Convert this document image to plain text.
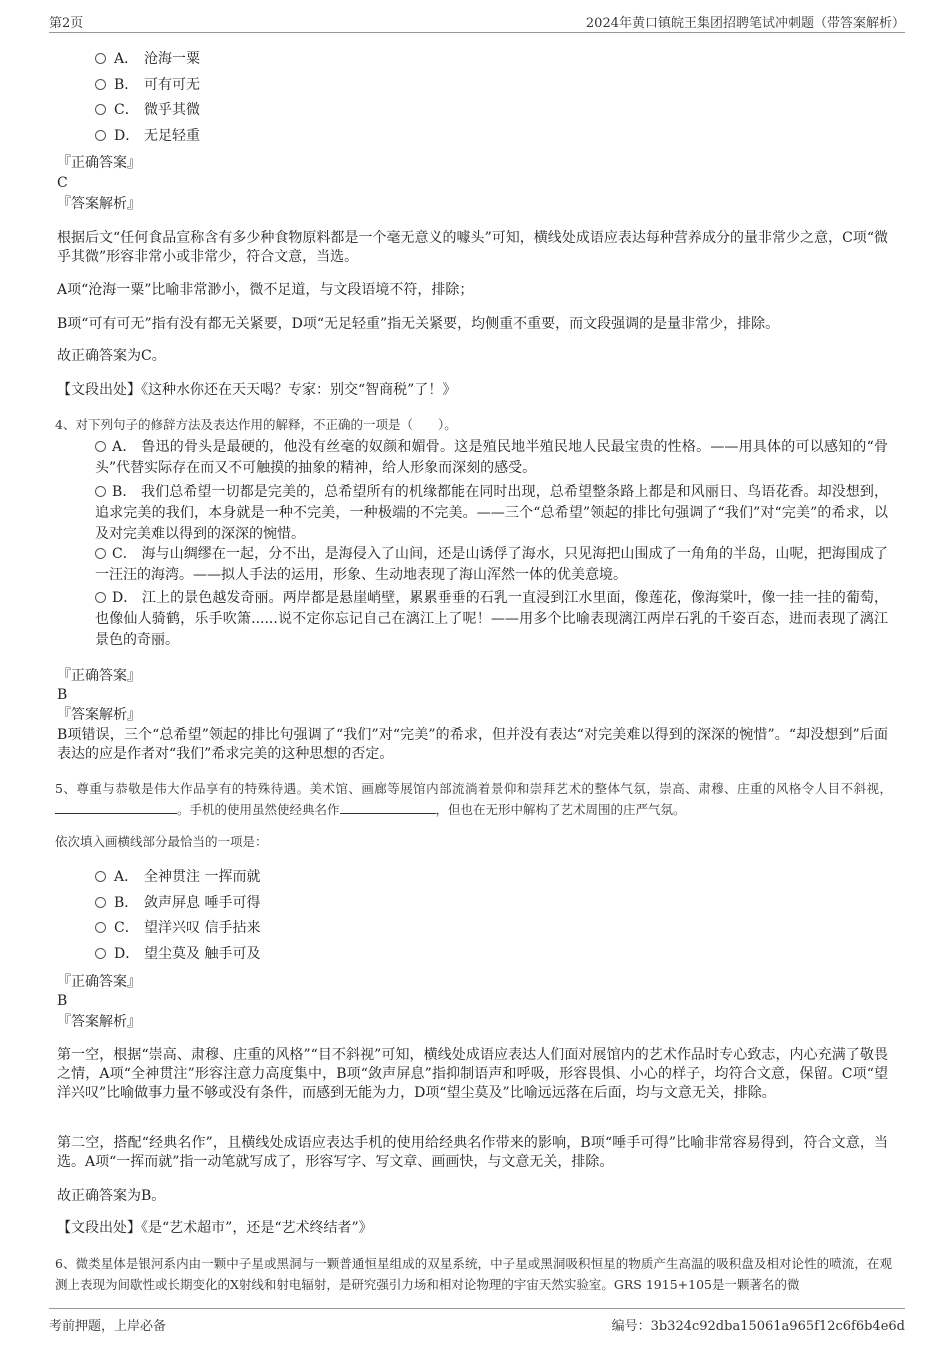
第2页	2024年黄口镇皖王集团招聘笔试冲刺题（带答案解析）
A． 沧海一粟
B． 可有可无
C． 微乎其微
D． 无足轻重
『正确答案』
C
『答案解析』
根据后文“任何食品宣称含有多少种食物原料都是一个毫无意义的噱头”可知，横线处成语应表达每种营养成分的量非常少之意，C项“微乎其微”形容非常小或非常少，符合文意，当选。
A项“沧海一粟”比喻非常渺小，微不足道，与文段语境不符，排除；
B项“可有可无”指有没有都无关紧要，D项“无足轻重”指无关紧要，均侧重不重要，而文段强调的是量非常少，排除。
故正确答案为C。
【文段出处】《这种水你还在天天喝？专家：别交“智商税”了！》
4、对下列句子的修辞方法及表达作用的解释，不正确的一项是（　　）。
A． 鲁迅的骨头是最硬的，他没有丝毫的奴颜和媚骨。这是殖民地半殖民地人民最宝贵的性格。——用具体的可以感知的“骨头”代替实际存在而又不可触摸的抽象的精神，给人形象而深刻的感受。
B． 我们总希望一切都是完美的，总希望所有的机缘都能在同时出现，总希望整条路上都是和风丽日、鸟语花香。却没想到，追求完美的我们，本身就是一种不完美，一种极端的不完美。——三个“总希望”领起的排比句强调了“我们”对“完美”的希求，以及对完美难以得到的深深的惋惜。
C． 海与山绸缪在一起，分不出，是海侵入了山间，还是山诱俘了海水，只见海把山围成了一角角的半岛，山呢，把海围成了一汪汪的海湾。——拟人手法的运用，形象、生动地表现了海山浑然一体的优美意境。
D． 江上的景色越发奇丽。两岸都是悬崖峭壁，累累垂垂的石乳一直浸到江水里面，像莲花，像海棠叶，像一挂一挂的葡萄，也像仙人骑鹤，乐手吹箫......说不定你忘记自己在漓江上了呢！——用多个比喻表现漓江两岸石乳的千姿百态，进而表现了漓江景色的奇丽。
『正确答案』
B
『答案解析』
B项错误，三个“总希望”领起的排比句强调了“我们”对“完美”的希求，但并没有表达“对完美难以得到的深深的惋惜”。“却没想到”后面表达的应是作者对“我们”希求完美的这种思想的否定。
5、尊重与恭敬是伟大作品享有的特殊待遇。美术馆、画廊等展馆内部流淌着景仰和崇拜艺术的整体气氛，崇高、肃穆、庄重的风格令人目不斜视，。手机的使用虽然使经典名作	，但也在无形中解构了艺术周围的庄严气氛。
依次填入画横线部分最恰当的一项是：
A． 全神贯注 一挥而就
B． 敛声屏息 唾手可得
C． 望洋兴叹 信手拈来
D． 望尘莫及 触手可及
『正确答案』
B
『答案解析』
第一空，根据“崇高、肃穆、庄重的风格”“目不斜视”可知，横线处成语应表达人们面对展馆内的艺术作品时专心致志，内心充满了敬畏之情，A项“全神贯注”形容注意力高度集中，B项“敛声屏息”指抑制语声和呼吸，形容畏惧、小心的样子，均符合文意，保留。C项“望洋兴叹”比喻做事力量不够或没有条件，而感到无能为力，D项“望尘莫及”比喻远远落在后面，均与文意无关，排除。
第二空，搭配“经典名作”，且横线处成语应表达手机的使用给经典名作带来的影响，B项“唾手可得”比喻非常容易得到，符合文意，当选。A项“一挥而就”指一动笔就写成了，形容写字、写文章、画画快，与文意无关，排除。
故正确答案为B。
【文段出处】《是“艺术超市”，还是“艺术终结者”》
6、微类星体是银河系内由一颗中子星或黑洞与一颗普通恒星组成的双星系统，中子星或黑洞吸积恒星的物质产生高温的吸积盘及相对论性的喷流，在观测上表现为间歇性或长期变化的X射线和射电辐射，是研究强引力场和相对论物理的宇宙天然实验室。GRS 1915+105是一颗著名的微
考前押题，上岸必备	编号：3b324c92dba15061a965f12c6f6b4e6d
